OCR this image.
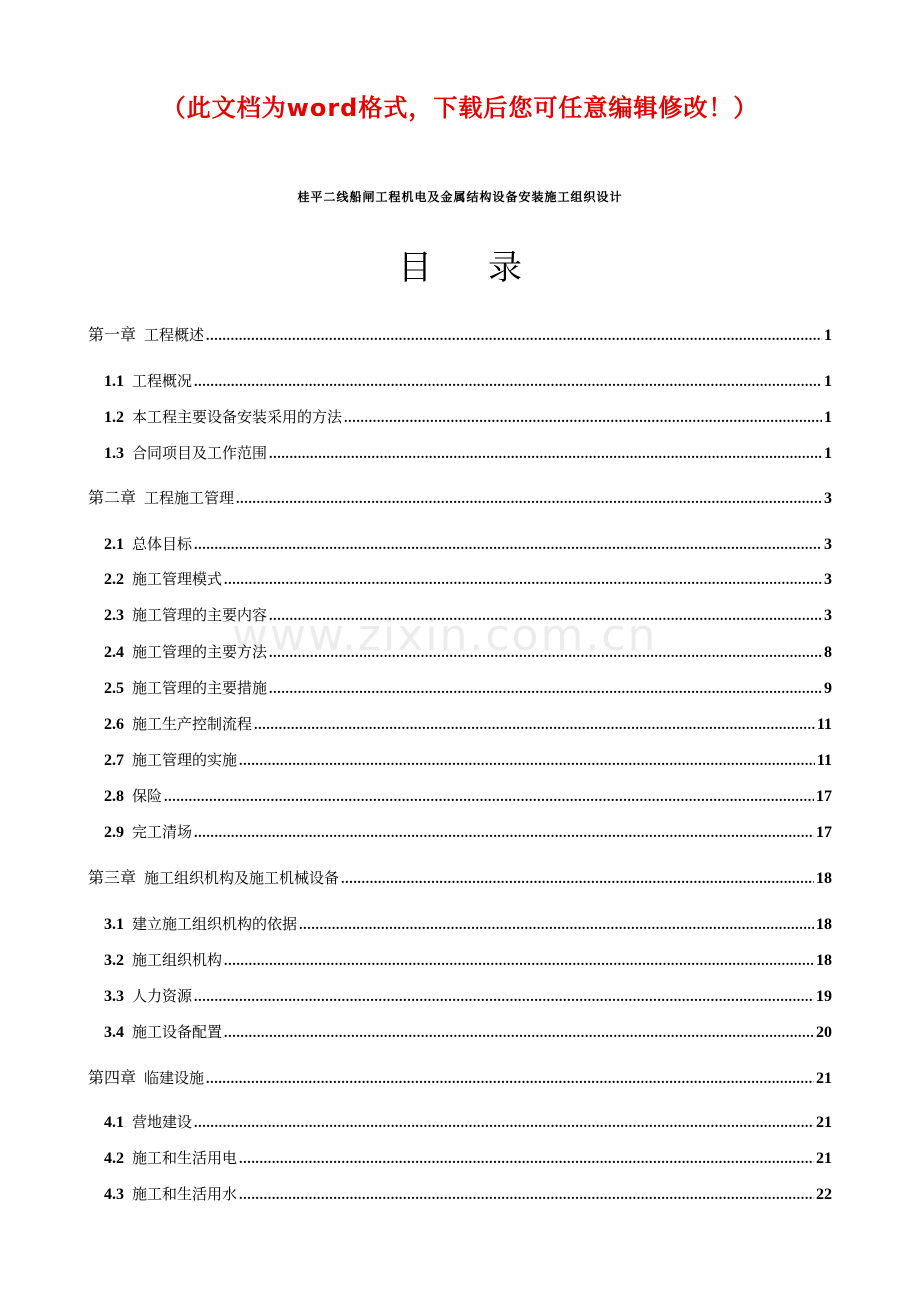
（此文档为word格式，下载后您可任意编辑修改！）
桂平二线船闸工程机电及金属结构设备安装施工组织设计
目录
www.zixin.com.cn
第一章 工程概述 .....	1
1.1 工程概况 .....	1
1.2 本工程主要设备安装采用的方法 .....	1
1.3 合同项目及工作范围 .....	1
第二章 工程施工管理 .....	3
2.1 总体目标 .....	3
2.2 施工管理模式 .....	3
2.3 施工管理的主要内容 .....	3
2.4 施工管理的主要方法 .....	8
2.5 施工管理的主要措施 .....	9
2.6 施工生产控制流程 .....	11
2.7 施工管理的实施 .....	11
2.8 保险 .....	17
2.9 完工清场 .....	17
第三章 施工组织机构及施工机械设备 .....	18
3.1 建立施工组织机构的依据 .....	18
3.2 施工组织机构 .....	18
3.3 人力资源 .....	19
3.4 施工设备配置 .....	20
第四章 临建设施 .....	21
4.1 营地建设 .....	21
4.2 施工和生活用电 .....	21
4.3 施工和生活用水 .....	22
